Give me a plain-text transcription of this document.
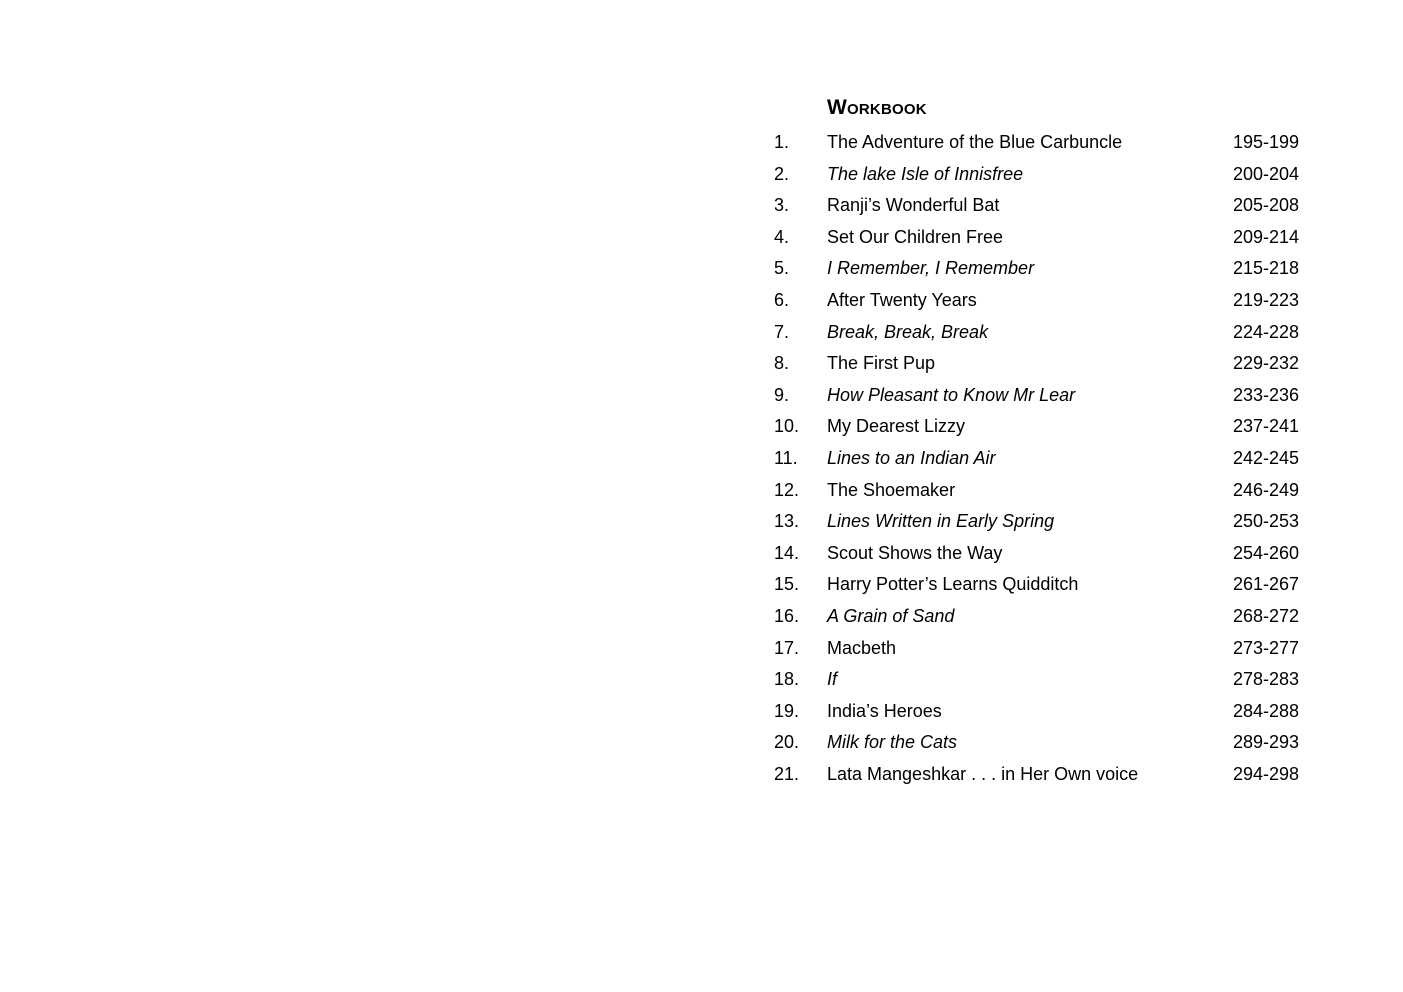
Workbook
1. The Adventure of the Blue Carbuncle	195-199
2. The lake Isle of Innisfree	200-204
3. Ranji’s Wonderful Bat	205-208
4. Set Our Children Free	209-214
5. I Remember, I Remember	215-218
6. After Twenty Years	219-223
7. Break, Break, Break	224-228
8. The First Pup	229-232
9. How Pleasant to Know Mr Lear	233-236
10. My Dearest Lizzy	237-241
11. Lines to an Indian Air	242-245
12. The Shoemaker	246-249
13. Lines Written in Early Spring	250-253
14. Scout Shows the Way	254-260
15. Harry Potter’s Learns Quidditch	261-267
16. A Grain of Sand	268-272
17. Macbeth	273-277
18. If	278-283
19. India’s Heroes	284-288
20. Milk for the Cats	289-293
21. Lata Mangeshkar . . . in Her Own voice	294-298
